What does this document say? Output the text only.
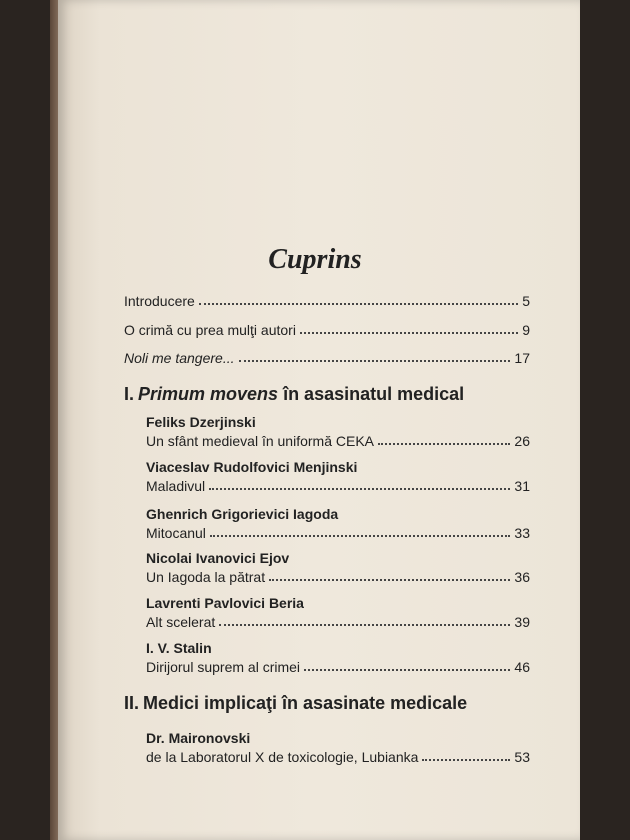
Cuprins
Introducere	5
O crimă cu prea mulţi autori	9
Noli me tangere...	17
I. Primum movens în asasinatul medical
Feliks Dzerjinski
Un sfânt medieval în uniformă CEKA	26
Viaceslav Rudolfovici Menjinski
Maladivul	31
Ghenrich Grigorievici Iagoda
Mitocanul	33
Nicolai Ivanovici Ejov
Un Iagoda la pătrat	36
Lavrenti Pavlovici Beria
Alt scelerat	39
I. V. Stalin
Dirijorul suprem al crimei	46
II. Medici implicaţi în asasinate medicale
Dr. Maironovski
de la Laboratorul X de toxicologie, Lubianka	53
